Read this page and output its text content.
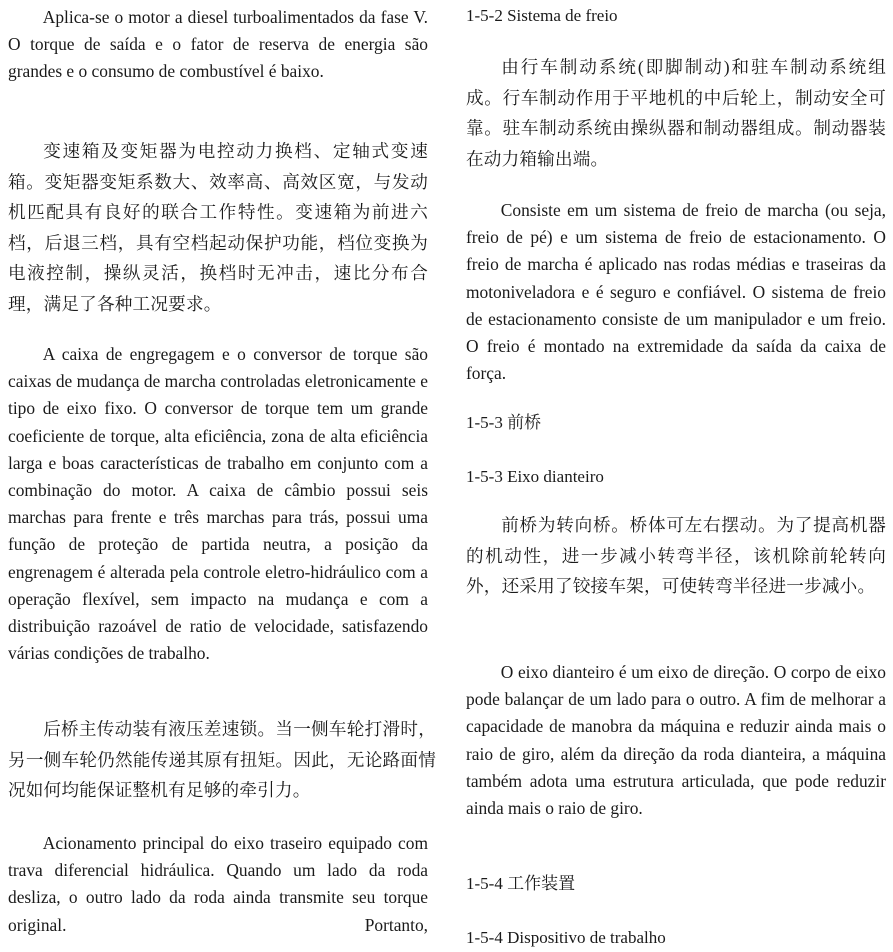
Aplica-se o motor a diesel turboalimentados da fase V. O torque de saída e o fator de reserva de energia são grandes e o consumo de combustível é baixo.

变速箱及变矩器为电控动力换档、定轴式变速箱。变矩器变矩系数大、效率高、高效区宽，与发动机匹配具有良好的联合工作特性。变速箱为前进六档，后退三档，具有空档起动保护功能，档位变换为电液控制，操纵灵活，换档时无冲击，速比分布合理，满足了各种工况要求。

A caixa de engregagem e o conversor de torque são caixas de mudança de marcha controladas eletronicamente e tipo de eixo fixo. O conversor de torque tem um grande coeficiente de torque, alta eficiência, zona de alta eficiência larga e boas características de trabalho em conjunto com a combinação do motor. A caixa de câmbio possui seis marchas para frente e três marchas para trás, possui uma função de proteção de partida neutra, a posição da engrenagem é alterada pela controle eletro-hidráulico com a operação flexível, sem impacto na mudança e com a distribuição razoável de ratio de velocidade, satisfazendo várias condições de trabalho.

后桥主传动装有液压差速锁。当一侧车轮打滑时，另一侧车轮仍然能传递其原有扭矩。因此，无论路面情况如何均能保证整机有足够的牵引力。

Acionamento principal do eixo traseiro equipado com trava diferencial hidráulica. Quando um lado da roda desliza, o outro lado da roda ainda transmite seu torque original. Portanto,

1-5-2 Sistema de freio

由行车制动系统(即脚制动)和驻车制动系统组成。行车制动作用于平地机的中后轮上，制动安全可靠。驻车制动系统由操纵器和制动器组成。制动器装在动力箱输出端。

Consiste em um sistema de freio de marcha (ou seja, freio de pé) e um sistema de freio de estacionamento. O freio de marcha é aplicado nas rodas médias e traseiras da motoniveladora e é seguro e confiável. O sistema de freio de estacionamento consiste de um manipulador e um freio. O freio é montado na extremidade da saída da caixa de força.

1-5-3 前桥
1-5-3 Eixo dianteiro

前桥为转向桥。桥体可左右摆动。为了提高机器的机动性，进一步减小转弯半径，该机除前轮转向外，还采用了铰接车架，可使转弯半径进一步减小。

O eixo dianteiro é um eixo de direção. O corpo de eixo pode balançar de um lado para o outro. A fim de melhorar a capacidade de manobra da máquina e reduzir ainda mais o raio de giro, além da direção da roda dianteira, a máquina também adota uma estrutura articulada, que pode reduzir ainda mais o raio de giro.

1-5-4 工作装置
1-5-4 Dispositivo de trabalho
